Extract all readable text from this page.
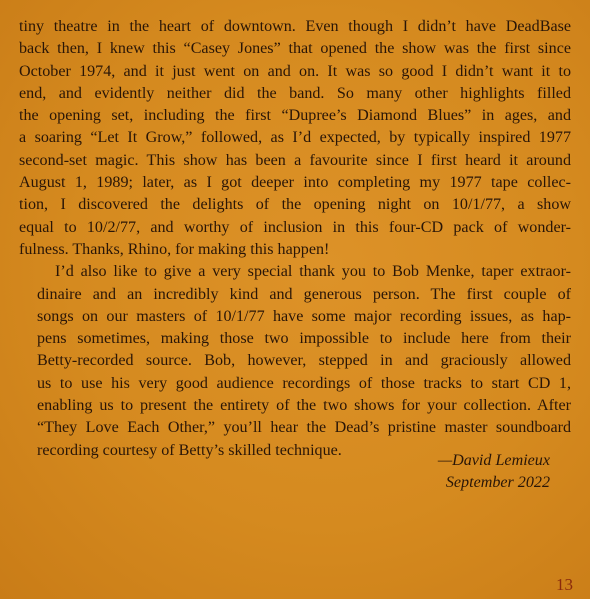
tiny theatre in the heart of downtown. Even though I didn’t have DeadBase
back then, I knew this “Casey Jones” that opened the show was the first since
October 1974, and it just went on and on. It was so good I didn’t want it to
end, and evidently neither did the band. So many other highlights filled
the opening set, including the first “Dupree’s Diamond Blues” in ages, and
a soaring “Let It Grow,” followed, as I’d expected, by typically inspired 1977
second-set magic. This show has been a favourite since I first heard it around
August 1, 1989; later, as I got deeper into completing my 1977 tape collec-
tion, I discovered the delights of the opening night on 10/1/77, a show
equal to 10/2/77, and worthy of inclusion in this four-CD pack of wonder-
fulness. Thanks, Rhino, for making this happen!

I’d also like to give a very special thank you to Bob Menke, taper extraor-
dinaire and an incredibly kind and generous person. The first couple of
songs on our masters of 10/1/77 have some major recording issues, as hap-
pens sometimes, making those two impossible to include here from their
Betty-recorded source. Bob, however, stepped in and graciously allowed
us to use his very good audience recordings of those tracks to start CD 1,
enabling us to present the entirety of the two shows for your collection. After
“They Love Each Other,” you’ll hear the Dead’s pristine master soundboard
recording courtesy of Betty’s skilled technique.

—David Lemieux
September 2022
13
